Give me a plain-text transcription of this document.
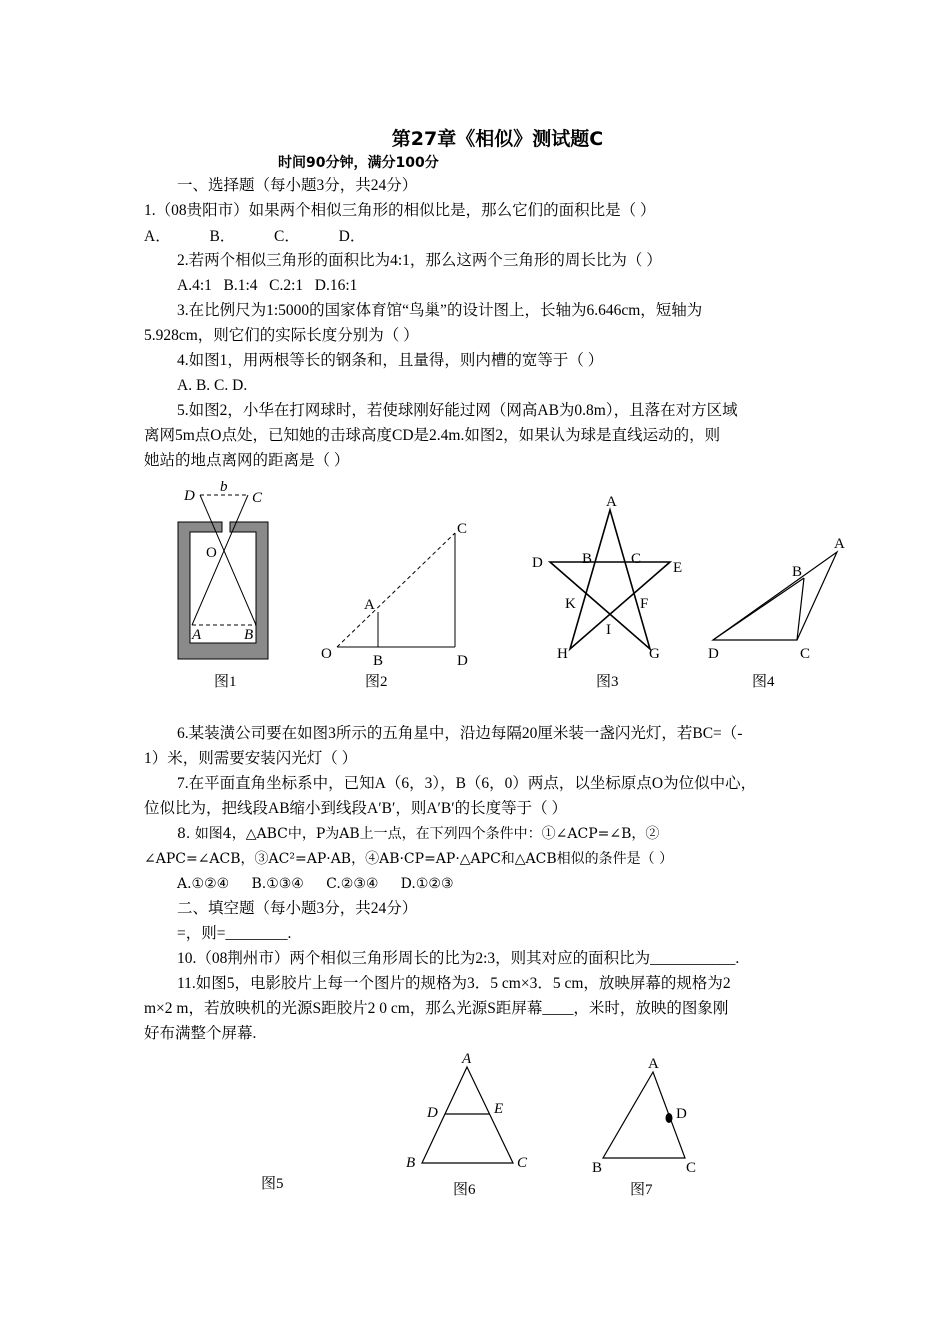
第27章《相似》测试题C
时间90分钟，满分100分
一、选择题（每小题3分，共24分）
1.（08贵阳市）如果两个相似三角形的相似比是，那么它们的面积比是（ ）
A．          B．          C．          D．
2.若两个相似三角形的面积比为4:1，那么这两个三角形的周长比为（ ）
A.4:1   B.1:4   C.2:1   D.16:1
3.在比例尺为1:5000的国家体育馆“鸟巢”的设计图上，长轴为6.646cm，短轴为
5.928cm，则它们的实际长度分别为（ ）
4.如图1，用两根等长的钢条和，且量得，则内槽的宽等于（ ）
A. B. C. D.
5.如图2，小华在打网球时，若使球刚好能过网（网高AB为0.8m），且落在对方区域
离网5m点O点处，已知她的击球高度CD是2.4m.如图2，如果认为球是直线运动的，则
她站的地点离网的距离是（ ）
D
b
C
O
A	B
图1
C
A
O	B	D
图2
A
B	C
D	E
K	F
I
H	G
图3
A
B
D	C
图4
6.某装潢公司要在如图3所示的五角星中，沿边每隔20厘米装一盏闪光灯，若BC=（-
1）米，则需要安装闪光灯（ ）
7.在平面直角坐标系中，已知A（6，3），B（6，0）两点，以坐标原点O为位似中心，
位似比为，把线段AB缩小到线段A′B′，则A′B′的长度等于（ ）
8. 如图4，△ABC中，P为AB上一点，在下列四个条件中：①∠ACP=∠B，②
∠APC=∠ACB，③AC²=AP·AB，④AB·CP=AP·△APC和△ACB相似的条件是（ ）
A.①②④     B.①③④     C.②③④     D.①②③
二、填空题（每小题3分，共24分）
=，则=________.
10.（08荆州市）两个相似三角形周长的比为2:3，则其对应的面积比为___________.
11.如图5，电影胶片上每一个图片的规格为3．5 cm×3．5 cm，放映屏幕的规格为2
m×2 m，若放映机的光源S距胶片2 0 cm，那么光源S距屏幕____，米时，放映的图象刚
好布满整个屏幕.
图5
A
D	E
B	C
图6
A
D
B	C
图7
